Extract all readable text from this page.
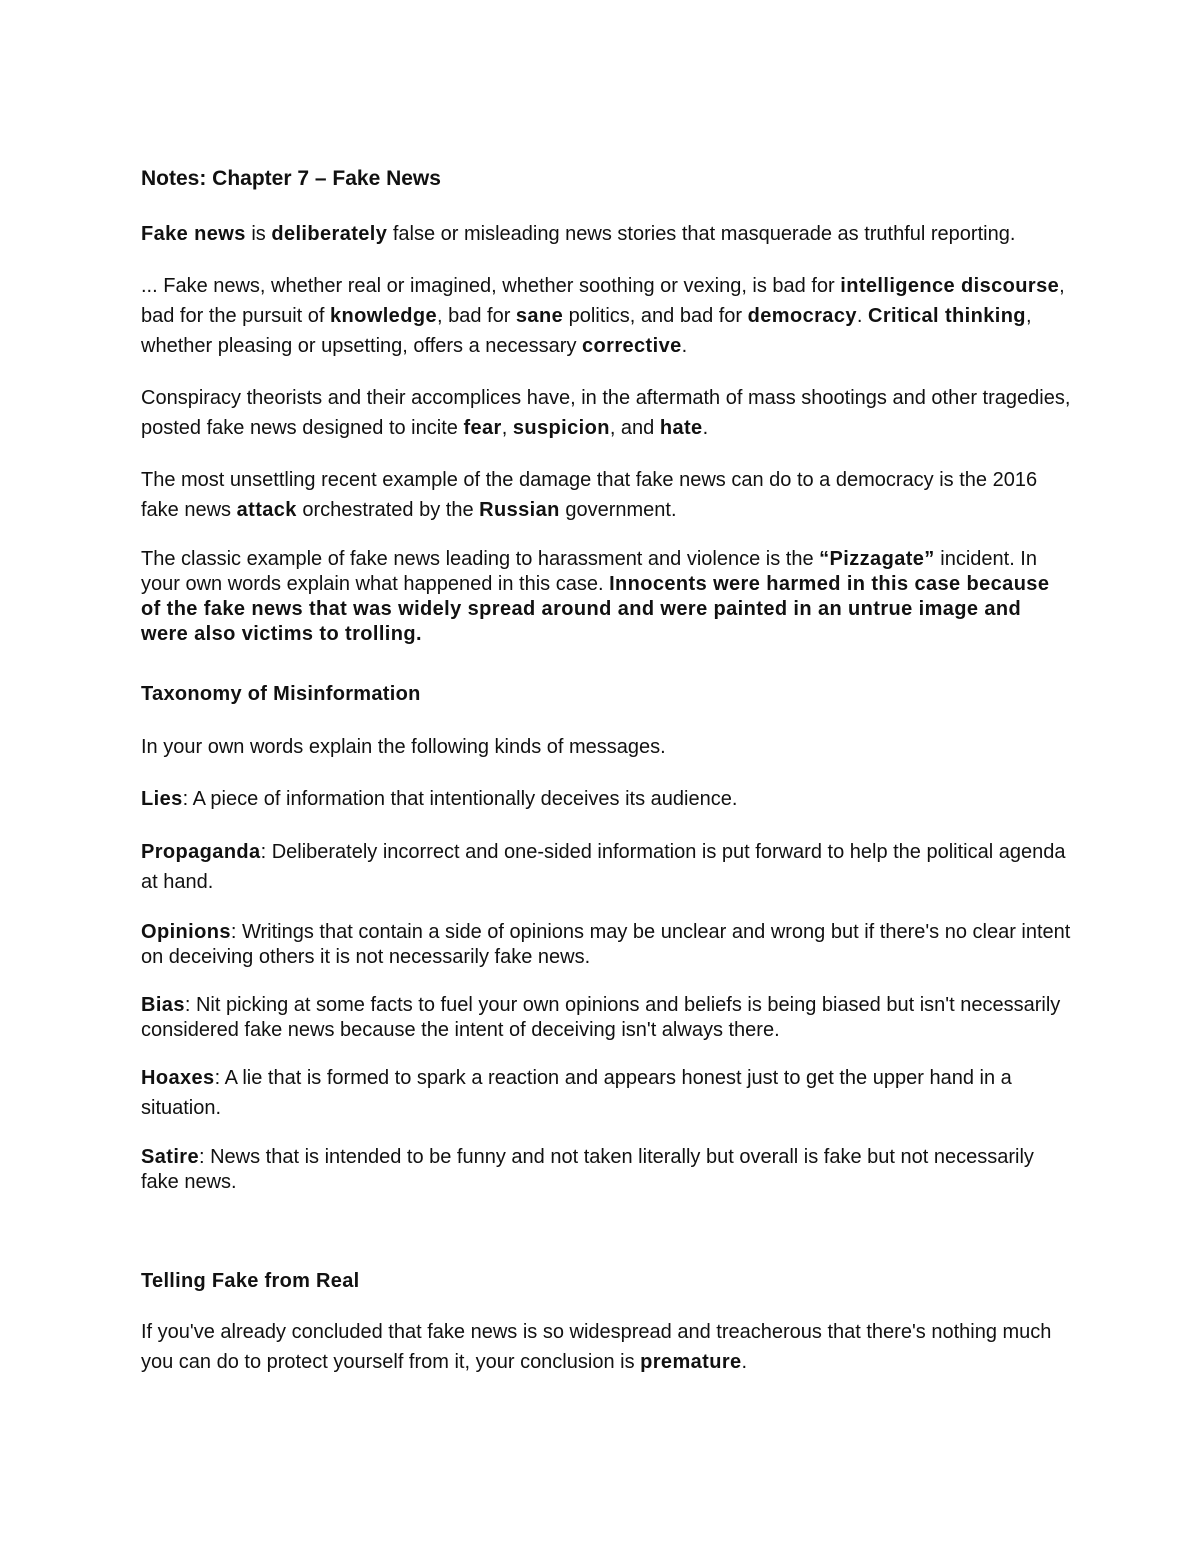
Notes: Chapter 7 – Fake News

Fake news is deliberately false or misleading news stories that masquerade as truthful reporting.

... Fake news, whether real or imagined, whether soothing or vexing, is bad for intelligence discourse, bad for the pursuit of knowledge, bad for sane politics, and bad for democracy. Critical thinking, whether pleasing or upsetting, offers a necessary corrective.

Conspiracy theorists and their accomplices have, in the aftermath of mass shootings and other tragedies, posted fake news designed to incite fear, suspicion, and hate.

The most unsettling recent example of the damage that fake news can do to a democracy is the 2016 fake news attack orchestrated by the Russian government.

The classic example of fake news leading to harassment and violence is the “Pizzagate” incident. In your own words explain what happened in this case. Innocents were harmed in this case because of the fake news that was widely spread around and were painted in an untrue image and were also victims to trolling.

Taxonomy of Misinformation

In your own words explain the following kinds of messages.

Lies: A piece of information that intentionally deceives its audience.

Propaganda: Deliberately incorrect and one-sided information is put forward to help the political agenda at hand.

Opinions: Writings that contain a side of opinions may be unclear and wrong but if there's no clear intent on deceiving others it is not necessarily fake news.

Bias: Nit picking at some facts to fuel your own opinions and beliefs is being biased but isn't necessarily considered fake news because the intent of deceiving isn't always there.

Hoaxes: A lie that is formed to spark a reaction and appears honest just to get the upper hand in a situation.

Satire: News that is intended to be funny and not taken literally but overall is fake but not necessarily fake news.

Telling Fake from Real

If you've already concluded that fake news is so widespread and treacherous that there's nothing much you can do to protect yourself from it, your conclusion is premature.
